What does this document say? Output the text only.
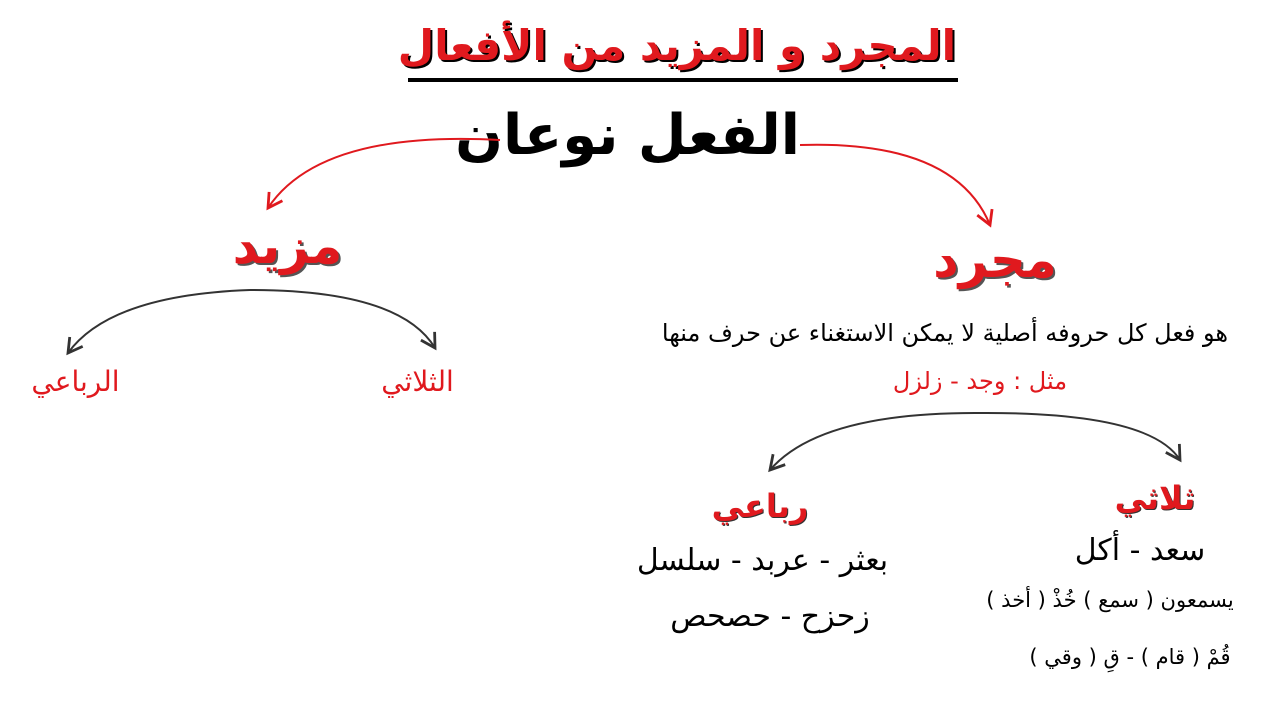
المجرد و المزيد من الأفعال
الفعل نوعان
مزيد
الثلاثي
الرباعي
مجرد
هو فعل كل حروفه أصلية لا يمكن الاستغناء عن حرف منها
مثل : وجد - زلزل
ثلاثي
سعد - أكل
يسمعون ( سمع ) خُذْ ( أخذ )
قُمْ ( قام ) - قِ ( وقي )
رباعي
بعثر - عربد - سلسل
زحزح - حصحص
